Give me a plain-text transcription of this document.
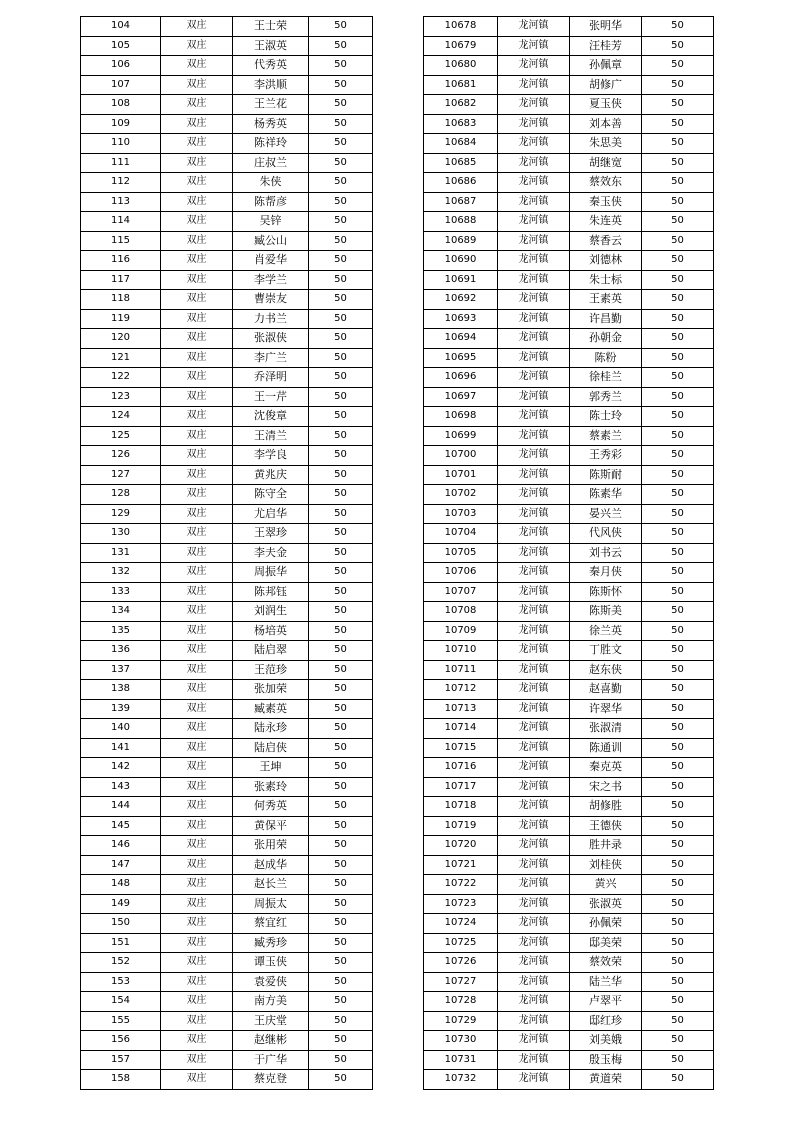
104	双庄	王士荣	50
105	双庄	王淑英	50
106	双庄	代秀英	50
107	双庄	李洪顺	50
108	双庄	王兰花	50
109	双庄	杨秀英	50
110	双庄	陈祥玲	50
111	双庄	庄叔兰	50
112	双庄	朱侠	50
113	双庄	陈帮彦	50
114	双庄	吴锌	50
115	双庄	臧公山	50
116	双庄	肖爱华	50
117	双庄	李学兰	50
118	双庄	曹崇友	50
119	双庄	力书兰	50
120	双庄	张淑侠	50
121	双庄	李广兰	50
122	双庄	乔泽明	50
123	双庄	王一芹	50
124	双庄	沈俊章	50
125	双庄	王清兰	50
126	双庄	李学良	50
127	双庄	黄兆庆	50
128	双庄	陈守全	50
129	双庄	尤启华	50
130	双庄	王翠珍	50
131	双庄	李夫金	50
132	双庄	周振华	50
133	双庄	陈邦钰	50
134	双庄	刘润生	50
135	双庄	杨培英	50
136	双庄	陆启翠	50
137	双庄	王范珍	50
138	双庄	张加荣	50
139	双庄	臧素英	50
140	双庄	陆永珍	50
141	双庄	陆启侠	50
142	双庄	王坤	50
143	双庄	张素玲	50
144	双庄	何秀英	50
145	双庄	黄保平	50
146	双庄	张用荣	50
147	双庄	赵成华	50
148	双庄	赵长兰	50
149	双庄	周振太	50
150	双庄	蔡宜红	50
151	双庄	臧秀珍	50
152	双庄	谭玉侠	50
153	双庄	袁爱侠	50
154	双庄	南方美	50
155	双庄	王庆堂	50
156	双庄	赵继彬	50
157	双庄	于广华	50
158	双庄	蔡克登	50
10678	龙河镇	张明华	50
10679	龙河镇	汪桂芳	50
10680	龙河镇	孙佩章	50
10681	龙河镇	胡修广	50
10682	龙河镇	夏玉侠	50
10683	龙河镇	刘本善	50
10684	龙河镇	朱思美	50
10685	龙河镇	胡继宽	50
10686	龙河镇	蔡效东	50
10687	龙河镇	秦玉侠	50
10688	龙河镇	朱连英	50
10689	龙河镇	蔡香云	50
10690	龙河镇	刘德林	50
10691	龙河镇	朱士标	50
10692	龙河镇	王素英	50
10693	龙河镇	许昌勤	50
10694	龙河镇	孙朝金	50
10695	龙河镇	陈粉	50
10696	龙河镇	徐桂兰	50
10697	龙河镇	郭秀兰	50
10698	龙河镇	陈士玲	50
10699	龙河镇	蔡素兰	50
10700	龙河镇	王秀彩	50
10701	龙河镇	陈斯耐	50
10702	龙河镇	陈素华	50
10703	龙河镇	晏兴兰	50
10704	龙河镇	代风侠	50
10705	龙河镇	刘书云	50
10706	龙河镇	秦月侠	50
10707	龙河镇	陈斯怀	50
10708	龙河镇	陈斯美	50
10709	龙河镇	徐兰英	50
10710	龙河镇	丁胜文	50
10711	龙河镇	赵东侠	50
10712	龙河镇	赵喜勤	50
10713	龙河镇	许翠华	50
10714	龙河镇	张淑清	50
10715	龙河镇	陈通训	50
10716	龙河镇	秦克英	50
10717	龙河镇	宋之书	50
10718	龙河镇	胡修胜	50
10719	龙河镇	王德侠	50
10720	龙河镇	胜井录	50
10721	龙河镇	刘桂侠	50
10722	龙河镇	黄兴	50
10723	龙河镇	张淑英	50
10724	龙河镇	孙佩荣	50
10725	龙河镇	邸美荣	50
10726	龙河镇	蔡效荣	50
10727	龙河镇	陆兰华	50
10728	龙河镇	卢翠平	50
10729	龙河镇	邸红珍	50
10730	龙河镇	刘美娥	50
10731	龙河镇	殷玉梅	50
10732	龙河镇	黄道荣	50
